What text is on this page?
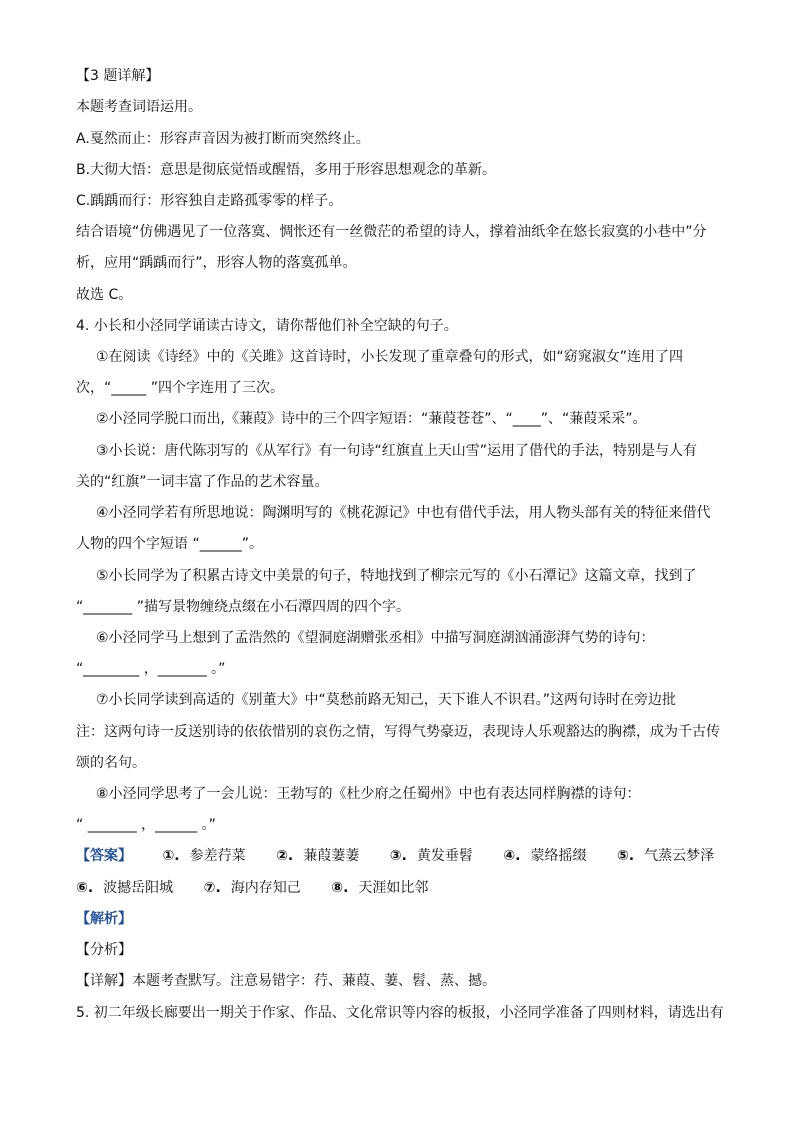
【3 题详解】
本题考查词语运用。
A.戛然而止：形容声音因为被打断而突然终止。
B.大彻大悟：意思是彻底觉悟或醒悟，多用于形容思想观念的革新。
C.踽踽而行：形容独自走路孤零零的样子。
结合语境“仿佛遇见了一位落寞、惆怅还有一丝微茫的希望的诗人，撑着油纸伞在悠长寂寞的小巷中”分
析，应用“踽踽而行”，形容人物的落寞孤单。
故选 C。
4. 小长和小泾同学诵读古诗文，请你帮他们补全空缺的句子。
①在阅读《诗经》中的《关雎》这首诗时，小长发现了重章叠句的形式，如“窈窕淑女”连用了四
次，“_____ ”四个字连用了三次。
②小泾同学脱口而出,《蒹葭》诗中的三个四字短语：“蒹葭苍苍”、“____”、“蒹葭采采”。
③小长说：唐代陈羽写的《从军行》有一句诗“红旗直上天山雪”运用了借代的手法，特别是与人有
关的“红旗”一词丰富了作品的艺术容量。
④小泾同学若有所思地说：陶渊明写的《桃花源记》中也有借代手法，用人物头部有关的特征来借代
人物的四个字短语 “______”。
⑤小长同学为了积累古诗文中美景的句子，特地找到了柳宗元写的《小石潭记》这篇文章，找到了
“_______ ”描写景物缠绕点缀在小石潭四周的四个字。
⑥小泾同学马上想到了孟浩然的《望洞庭湖赠张丞相》中描写洞庭湖汹涌澎湃气势的诗句：
“________ ，_______ 。”
⑦小长同学读到高适的《别董大》中“莫愁前路无知己，天下谁人不识君。”这两句诗时在旁边批
注：这两句诗一反送别诗的依依惜别的哀伤之情，写得气势豪迈，表现诗人乐观豁达的胸襟，成为千古传
颂的名句。
⑧小泾同学思考了一会儿说：王勃写的《杜少府之任蜀州》中也有表达同样胸襟的诗句：
“ _______ ，______ 。”
【答案】 ①. 参差荇菜 ②. 蒹葭萋萋 ③. 黄发垂髫 ④. 蒙络摇缀 ⑤. 气蒸云梦泽
⑥. 波撼岳阳城 ⑦. 海内存知己 ⑧. 天涯如比邻
【解析】
【分析】
【详解】本题考查默写。注意易错字：荇、蒹葭、萋、髫、蒸、撼。
5. 初二年级长廊要出一期关于作家、作品、文化常识等内容的板报，小泾同学准备了四则材料，请选出有
